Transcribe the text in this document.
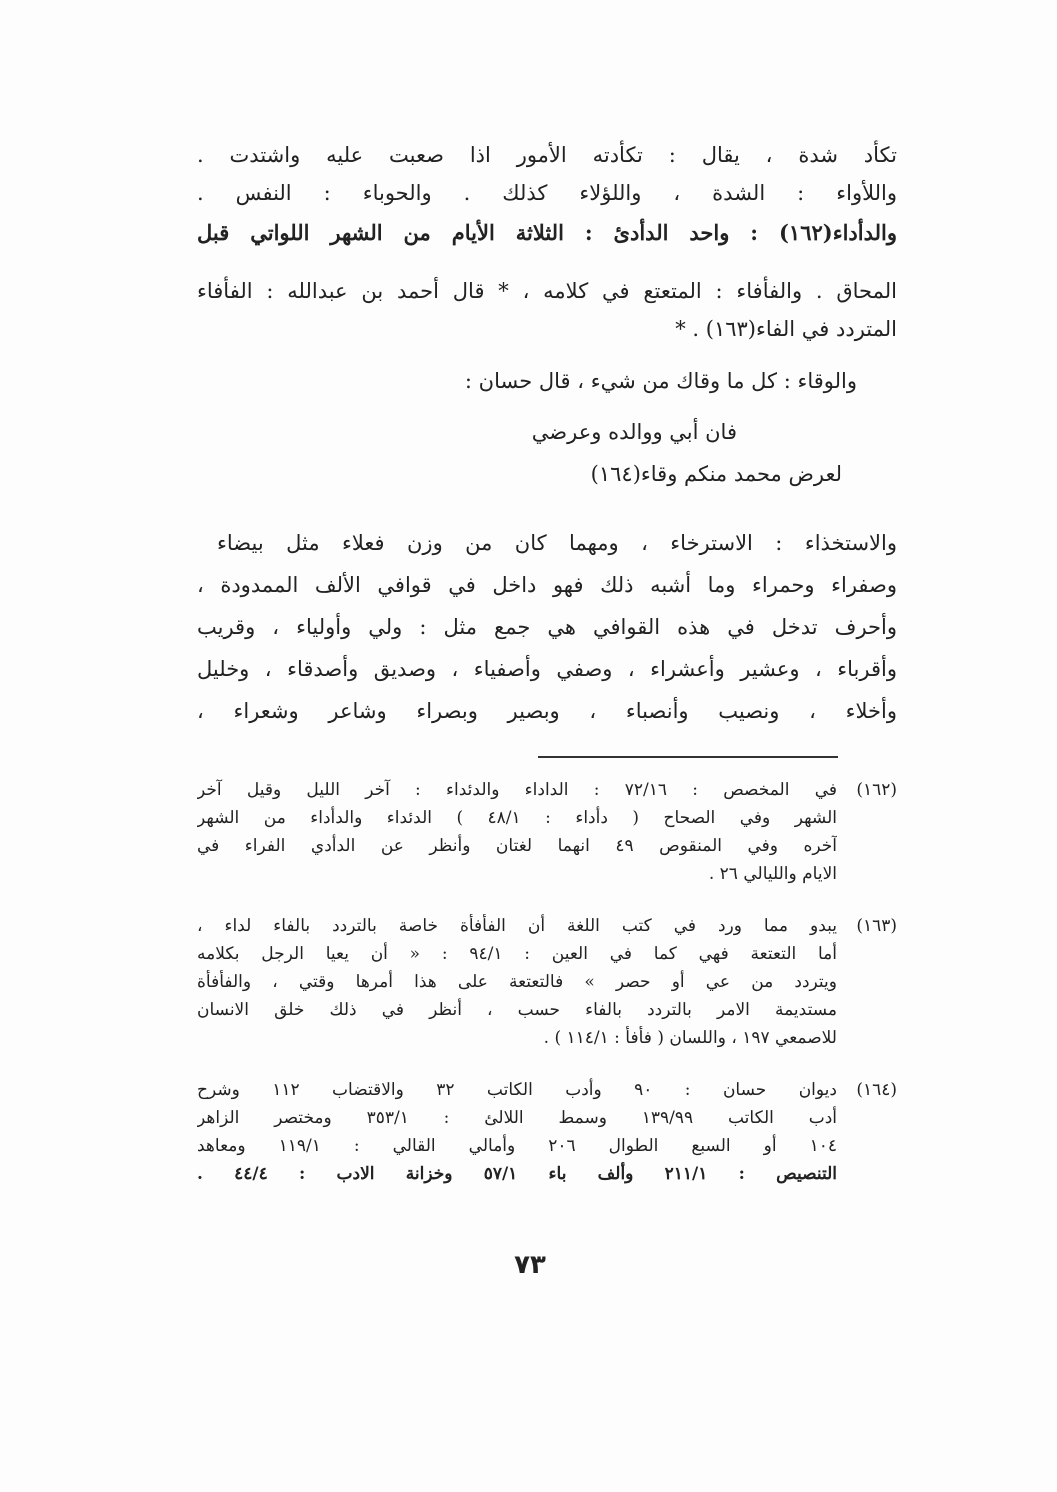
تكأد شدة ، يقال : تكأدته الأمور اذا صعبت عليه واشتدت .
واللأواء : الشدة ، واللؤلاء كذلك . والحوباء : النفس .
والدأداء(١٦٢) : واحد الدأدئ : الثلاثة الأيام من الشهر اللواتي قبل
المحاق . والفأفاء : المتعتع في كلامه ، * قال أحمد بن عبدالله : الفأفاء
المتردد في الفاء(١٦٣) . *
والوقاء : كل ما وقاك من شيء ، قال حسان :
فان أبي ووالده وعرضي
لعرض محمد منكم وقاء(١٦٤)
والاستخذاء : الاسترخاء ، ومهما كان من وزن فعلاء مثل بيضاء
وصفراء وحمراء وما أشبه ذلك فهو داخل في قوافي الألف الممدودة ،
وأحرف تدخل في هذه القوافي هي جمع مثل : ولي وأولياء ، وقريب
وأقرباء ، وعشير وأعشراء ، وصفي وأصفياء ، وصديق وأصدقاء ، وخليل
وأخلاء ، ونصيب وأنصباء ، وبصير وبصراء وشاعر وشعراء ،
(١٦٢)
في المخصص : ٧٢/١٦ : الداداء والدئداء : آخر الليل وقيل آخر
الشهر وفي الصحاح ( دأداء : ٤٨/١ ) الدئداء والدأداء من الشهر
آخره وفي المنقوص ٤٩ انهما لغتان وأنظر عن الدأدي الفراء في
الايام والليالي ٢٦ .
(١٦٣)
يبدو مما ورد في كتب اللغة أن الفأفأة خاصة بالتردد بالفاء لداء ،
أما التعتعة فهي كما في العين : ٩٤/١ : « أن يعيا الرجل بكلامه
ويتردد من عي أو حصر » فالتعتعة على هذا أمرها وقتي ، والفأفأة
مستديمة الامر بالتردد بالفاء حسب ، أنظر في ذلك خلق الانسان
للاصمعي ١٩٧ ، واللسان ( فأفأ : ١١٤/١ ) .
(١٦٤)
ديوان حسان : ٩٠ وأدب الكاتب ٣٢ والاقتضاب ١١٢ وشرح
أدب الكاتب ١٣٩/٩٩ وسمط اللالئ : ٣٥٣/١ ومختصر الزاهر
١٠٤ أو السبع الطوال ٢٠٦ وأمالي القالي : ١١٩/١ ومعاهد
التنصيص : ٢١١/١ وألف باء ٥٧/١ وخزانة الادب : ٤٤/٤ .
٧٣
